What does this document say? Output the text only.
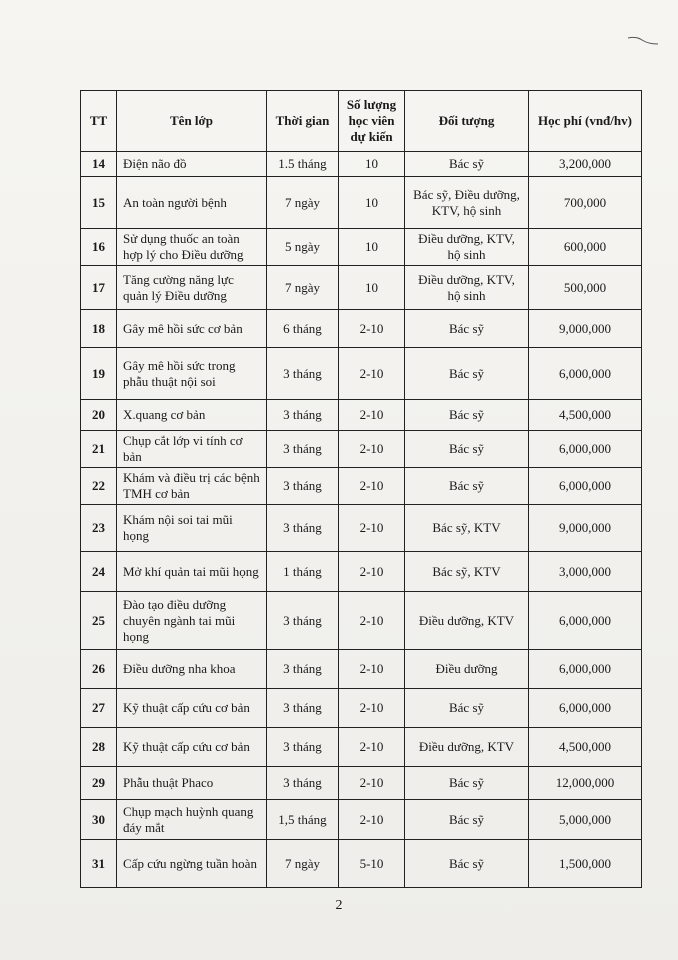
TT	Tên lớp	Thời gian	Số lượng học viên dự kiến	Đối tượng	Học phí (vnđ/hv)
14	Điện não đồ	1.5 tháng	10	Bác sỹ	3,200,000
15	An toàn người bệnh	7 ngày	10	Bác sỹ, Điều dưỡng, KTV, hộ sinh	700,000
16	Sử dụng thuốc an toàn hợp lý cho Điều dưỡng	5 ngày	10	Điều dưỡng, KTV, hộ sinh	600,000
17	Tăng cường năng lực quản lý Điều dưỡng	7 ngày	10	Điều dưỡng, KTV, hộ sinh	500,000
18	Gây mê hồi sức cơ bản	6 tháng	2-10	Bác sỹ	9,000,000
19	Gây mê hồi sức trong phẫu thuật nội soi	3 tháng	2-10	Bác sỹ	6,000,000
20	X.quang cơ bản	3 tháng	2-10	Bác sỹ	4,500,000
21	Chụp cắt lớp vi tính cơ bản	3 tháng	2-10	Bác sỹ	6,000,000
22	Khám và điều trị các bệnh TMH cơ bản	3 tháng	2-10	Bác sỹ	6,000,000
23	Khám nội soi tai mũi họng	3 tháng	2-10	Bác sỹ, KTV	9,000,000
24	Mở khí quản tai mũi họng	1 tháng	2-10	Bác sỹ, KTV	3,000,000
25	Đào tạo điều dưỡng chuyên ngành tai mũi họng	3 tháng	2-10	Điều dưỡng, KTV	6,000,000
26	Điều dưỡng nha khoa	3 tháng	2-10	Điều dưỡng	6,000,000
27	Kỹ thuật cấp cứu cơ bản	3 tháng	2-10	Bác sỹ	6,000,000
28	Kỹ thuật cấp cứu cơ bản	3 tháng	2-10	Điều dưỡng, KTV	4,500,000
29	Phẫu thuật Phaco	3 tháng	2-10	Bác sỹ	12,000,000
30	Chụp mạch huỳnh quang đáy mắt	1,5 tháng	2-10	Bác sỹ	5,000,000
31	Cấp cứu ngừng tuần hoàn	7 ngày	5-10	Bác sỹ	1,500,000
2
